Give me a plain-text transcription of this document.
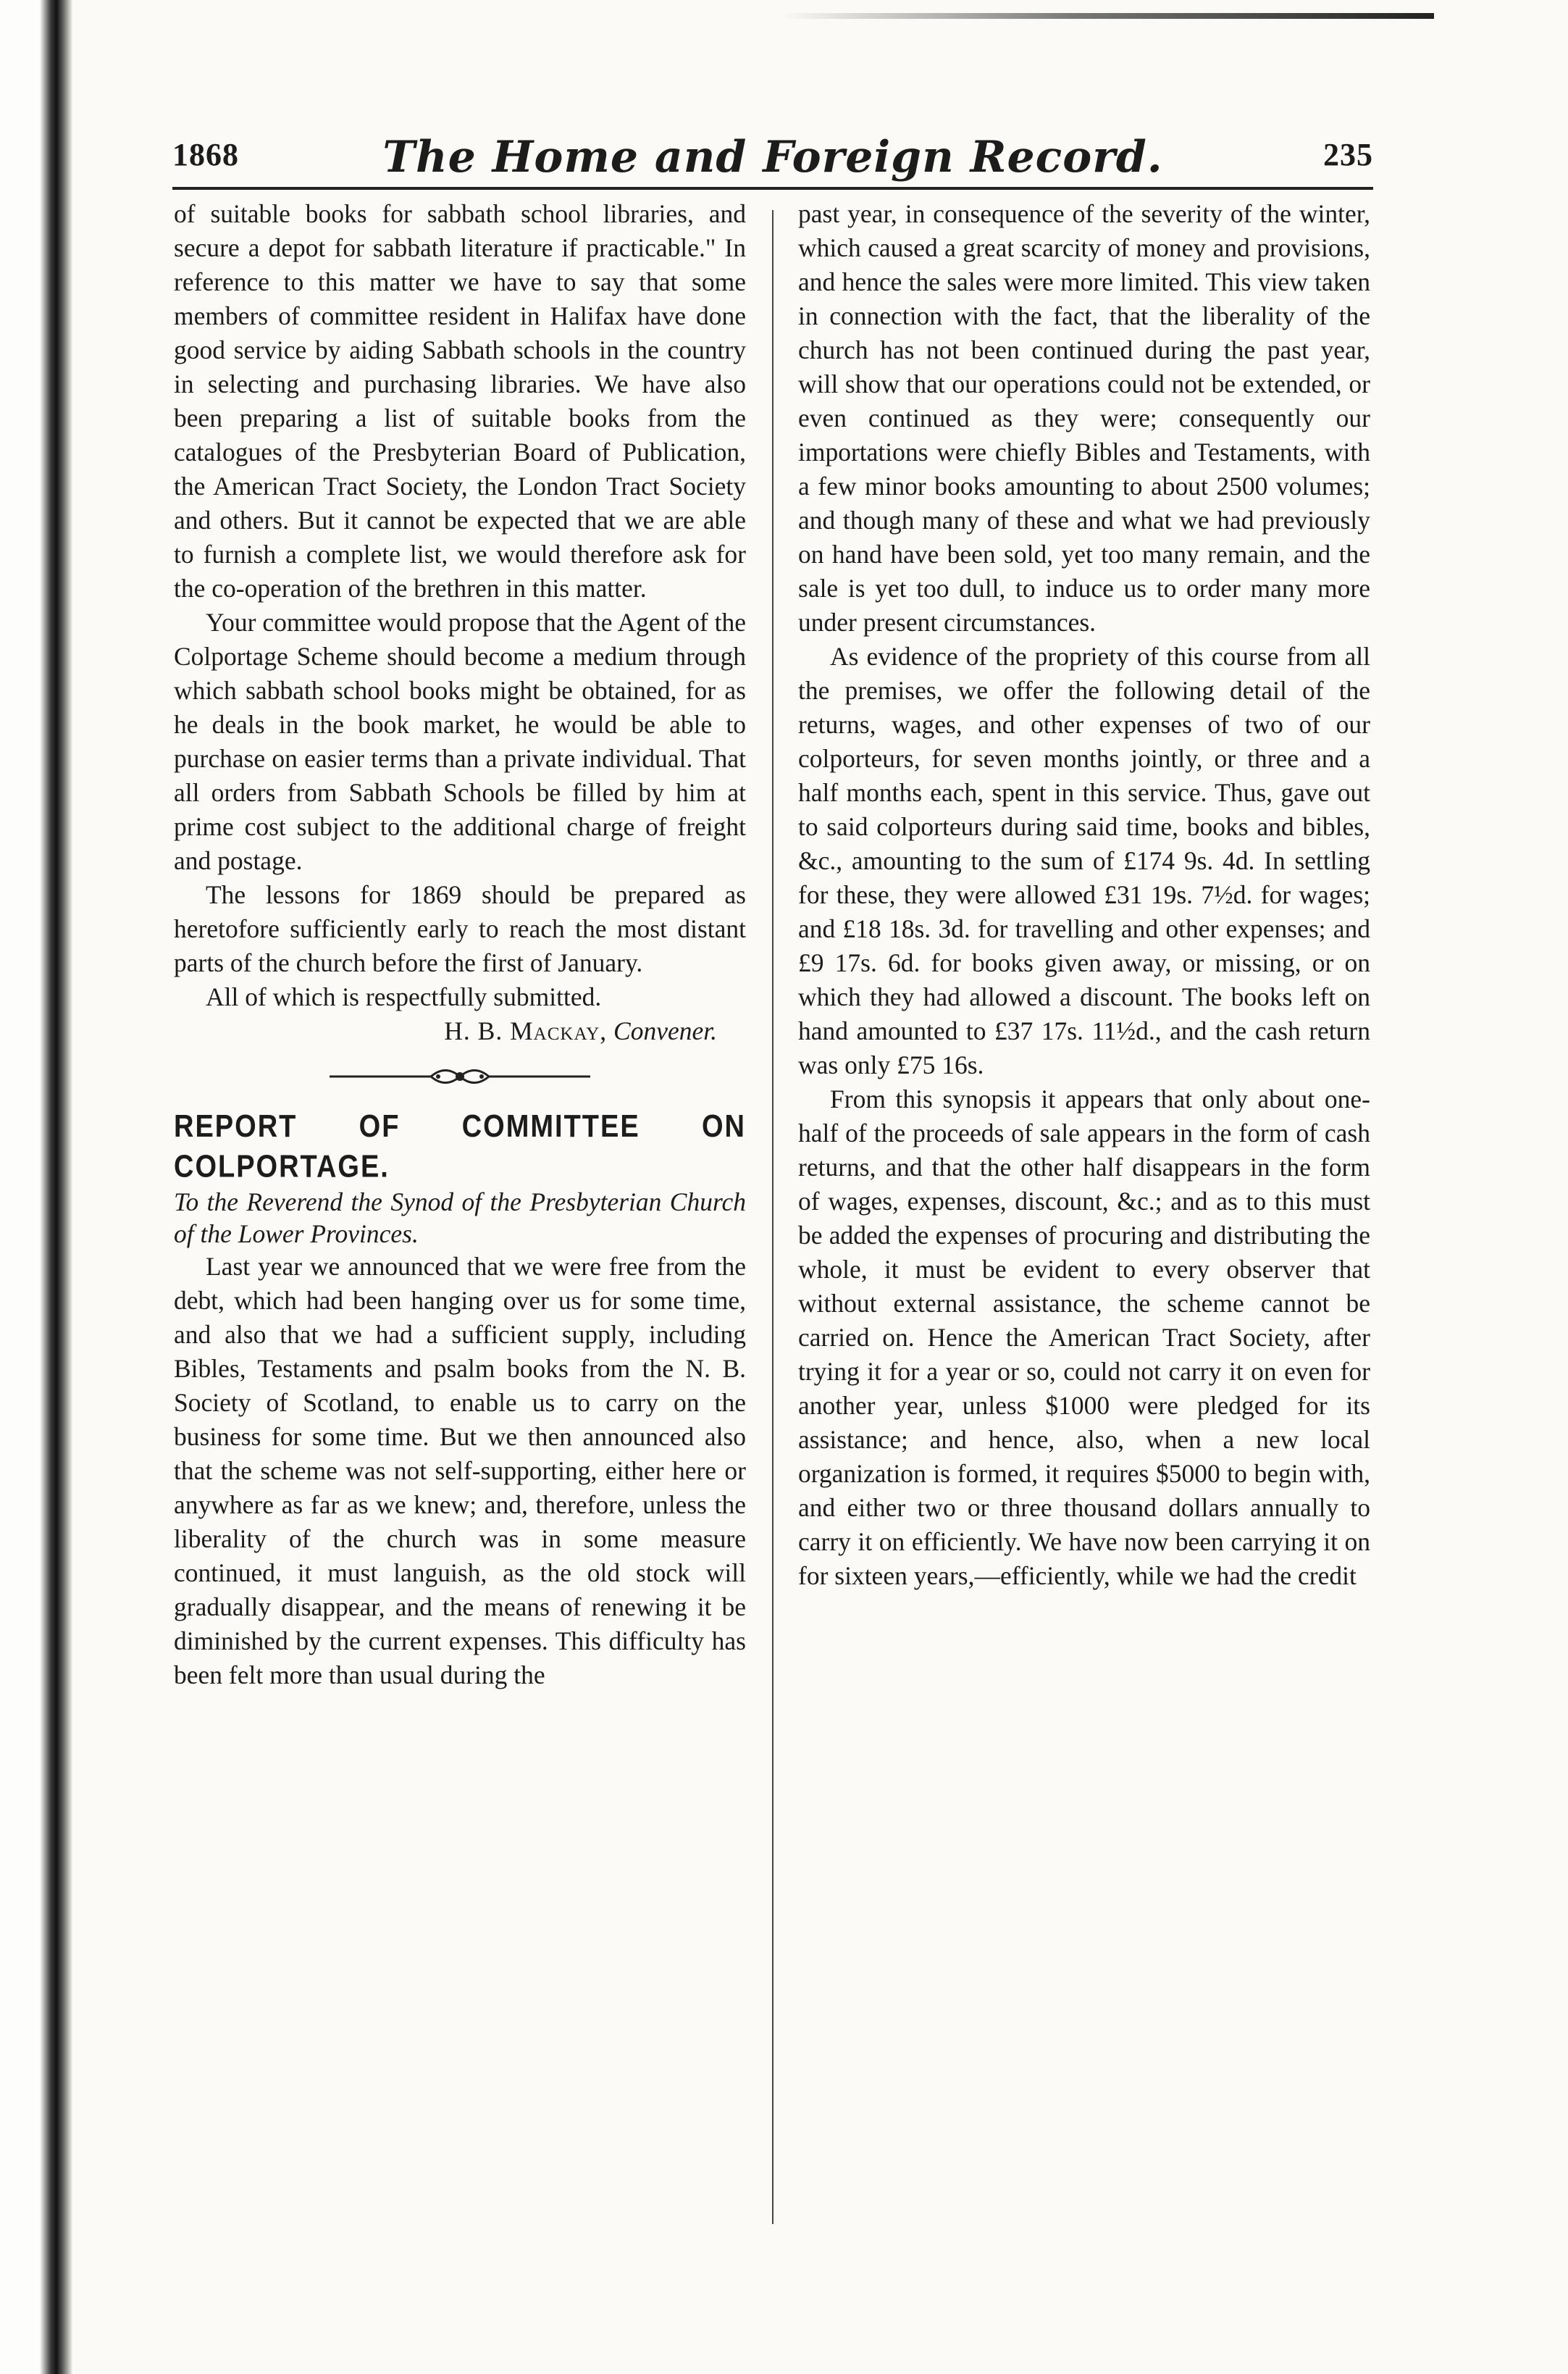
1868	The Home and Foreign Record.	235

of suitable books for sabbath school libraries, and secure a depot for sabbath literature if practicable." In reference to this matter we have to say that some members of committee resident in Halifax have done good service by aiding Sabbath schools in the country in selecting and purchasing libraries. We have also been preparing a list of suitable books from the catalogues of the Presbyterian Board of Publication, the American Tract Society, the London Tract Society and others. But it cannot be expected that we are able to furnish a complete list, we would therefore ask for the co-operation of the brethren in this matter.

Your committee would propose that the Agent of the Colportage Scheme should become a medium through which sabbath school books might be obtained, for as he deals in the book market, he would be able to purchase on easier terms than a private individual. That all orders from Sabbath Schools be filled by him at prime cost subject to the additional charge of freight and postage.

The lessons for 1869 should be prepared as heretofore sufficiently early to reach the most distant parts of the church before the first of January.

All of which is respectfully submitted.

H. B. Mackay, Convener.

REPORT OF COMMITTEE ON COLPORTAGE.

To the Reverend the Synod of the Presbyterian Church of the Lower Provinces.

Last year we announced that we were free from the debt, which had been hanging over us for some time, and also that we had a sufficient supply, including Bibles, Testaments and psalm books from the N. B. Society of Scotland, to enable us to carry on the business for some time. But we then announced also that the scheme was not self-supporting, either here or anywhere as far as we knew; and, therefore, unless the liberality of the church was in some measure continued, it must languish, as the old stock will gradually disappear, and the means of renewing it be diminished by the current expenses. This difficulty has been felt more than usual during the

past year, in consequence of the severity of the winter, which caused a great scarcity of money and provisions, and hence the sales were more limited. This view taken in connection with the fact, that the liberality of the church has not been continued during the past year, will show that our operations could not be extended, or even continued as they were; consequently our importations were chiefly Bibles and Testaments, with a few minor books amounting to about 2500 volumes; and though many of these and what we had previously on hand have been sold, yet too many remain, and the sale is yet too dull, to induce us to order many more under present circumstances.

As evidence of the propriety of this course from all the premises, we offer the following detail of the returns, wages, and other expenses of two of our colporteurs, for seven months jointly, or three and a half months each, spent in this service. Thus, gave out to said colporteurs during said time, books and bibles, &c., amounting to the sum of £174 9s. 4d. In settling for these, they were allowed £31 19s. 7½d. for wages; and £18 18s. 3d. for travelling and other expenses; and £9 17s. 6d. for books given away, or missing, or on which they had allowed a discount. The books left on hand amounted to £37 17s. 11½d., and the cash return was only £75 16s.

From this synopsis it appears that only about one-half of the proceeds of sale appears in the form of cash returns, and that the other half disappears in the form of wages, expenses, discount, &c.; and as to this must be added the expenses of procuring and distributing the whole, it must be evident to every observer that without external assistance, the scheme cannot be carried on. Hence the American Tract Society, after trying it for a year or so, could not carry it on even for another year, unless $1000 were pledged for its assistance; and hence, also, when a new local organization is formed, it requires $5000 to begin with, and either two or three thousand dollars annually to carry it on efficiently. We have now been carrying it on for sixteen years,—efficiently, while we had the credit
